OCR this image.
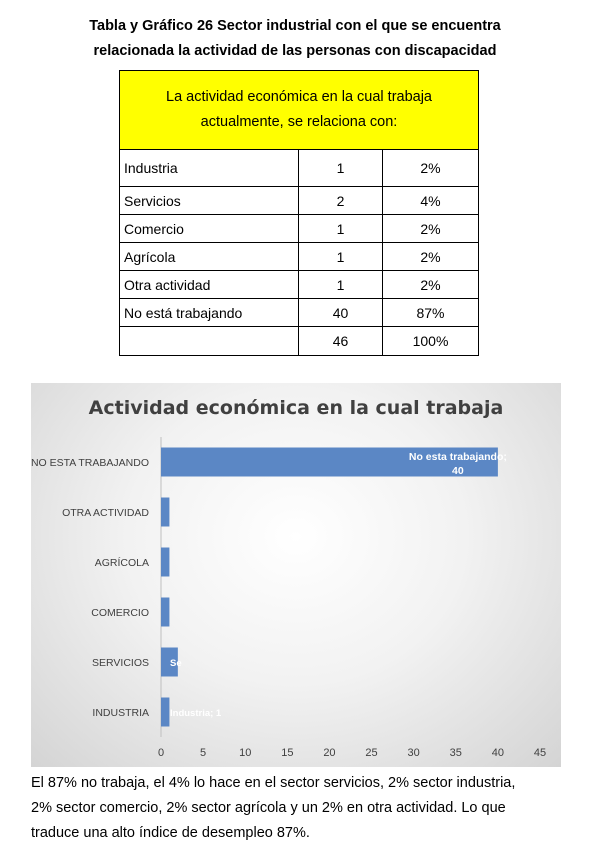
Tabla y Gráfico 26 Sector industrial con el que se encuentra
relacionada la actividad de las personas con discapacidad
La actividad económica en la cual trabaja
actualmente, se relaciona con:		

Industria	1	2%
Servicios	2	4%
Comercio	1	2%
Agrícola	1	2%
Otra actividad	1	2%
No está trabajando	40	87%
	46	100%
Actividad económica en la cual trabaja
0	5	10	15	20	25	30	35	40	45
NO ESTA TRABAJANDO	No esta trabajando;
40
OTRA ACTIVIDAD
AGRÍCOLA
COMERCIO
SERVICIOS Se
INDUSTRIA Industria; 1
El 87% no trabaja, el 4% lo hace en el sector servicios, 2% sector industria,
2% sector comercio, 2% sector agrícola y un 2% en otra actividad. Lo que
traduce una alto índice de desempleo 87%.
